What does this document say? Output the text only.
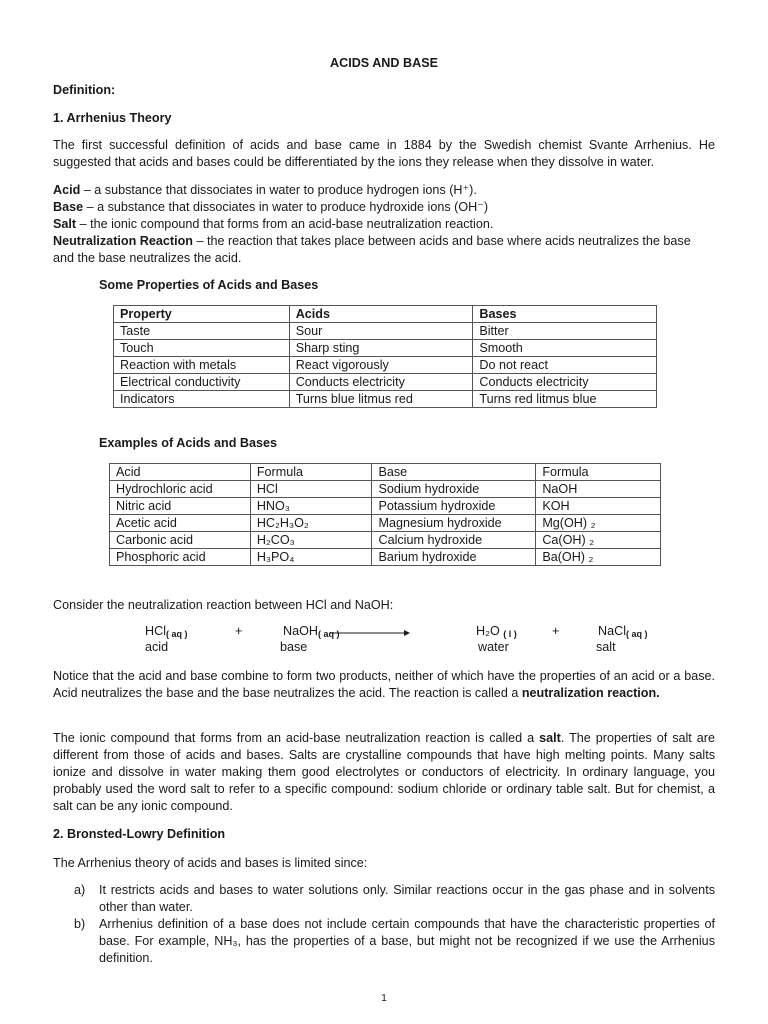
ACIDS AND BASE
Definition:
1. Arrhenius Theory

The first successful definition of acids and base came in 1884 by the Swedish chemist Svante Arrhenius. He suggested that acids and bases could be differentiated by the ions they release when they dissolve in water.

Acid – a substance that dissociates in water to produce hydrogen ions (H⁺).

Base – a substance that dissociates in water to produce hydroxide ions (OH⁻)

Salt – the ionic compound that forms from an acid-base neutralization reaction.

Neutralization Reaction – the reaction that takes place between acids and base where acids neutralizes the base and the base neutralizes the acid.

Some Properties of Acids and Bases
Property	Acids	Bases
Taste	Sour	Bitter
Touch	Sharp sting	Smooth
Reaction with metals	React vigorously	Do not react
Electrical conductivity	Conducts electricity	Conducts electricity
Indicators	Turns blue litmus red	Turns red litmus blue
Examples of Acids and Bases
Acid	Formula	Base	Formula
Hydrochloric acid	HCl	Sodium hydroxide	NaOH
Nitric acid	HNO₃	Potassium hydroxide	KOH
Acetic acid	HC₂H₃O₂	Magnesium hydroxide	Mg(OH) ₂
Carbonic acid	H₂CO₃	Calcium hydroxide	Ca(OH) ₂
Phosphoric acid	H₃PO₄	Barium hydroxide	Ba(OH) ₂

Consider the neutralization reaction between HCl and NaOH:

HCl$_{( aq )}$	+	NaOH$_{( aq )}$	H₂O $_{( l )}$	+	NaCl$_{( aq )}$
acid	base	water	salt

Notice that the acid and base combine to form two products, neither of which have the properties of an acid or a base. Acid neutralizes the base and the base neutralizes the acid. The reaction is called a neutralization reaction.

The ionic compound that forms from an acid-base neutralization reaction is called a salt. The properties of salt are different from those of acids and bases. Salts are crystalline compounds that have high melting points. Many salts ionize and dissolve in water making them good electrolytes or conductors of electricity. In ordinary language, you probably used the word salt to refer to a specific compound: sodium chloride or ordinary table salt. But for chemist, a salt can be any ionic compound.

2. Bronsted-Lowry Definition

The Arrhenius theory of acids and bases is limited since:

a) It restricts acids and bases to water solutions only. Similar reactions occur in the gas phase and in solvents other than water.

b) Arrhenius definition of a base does not include certain compounds that have the characteristic properties of base. For example, NH₃, has the properties of a base, but might not be recognized if we use the Arrhenius definition.

1
